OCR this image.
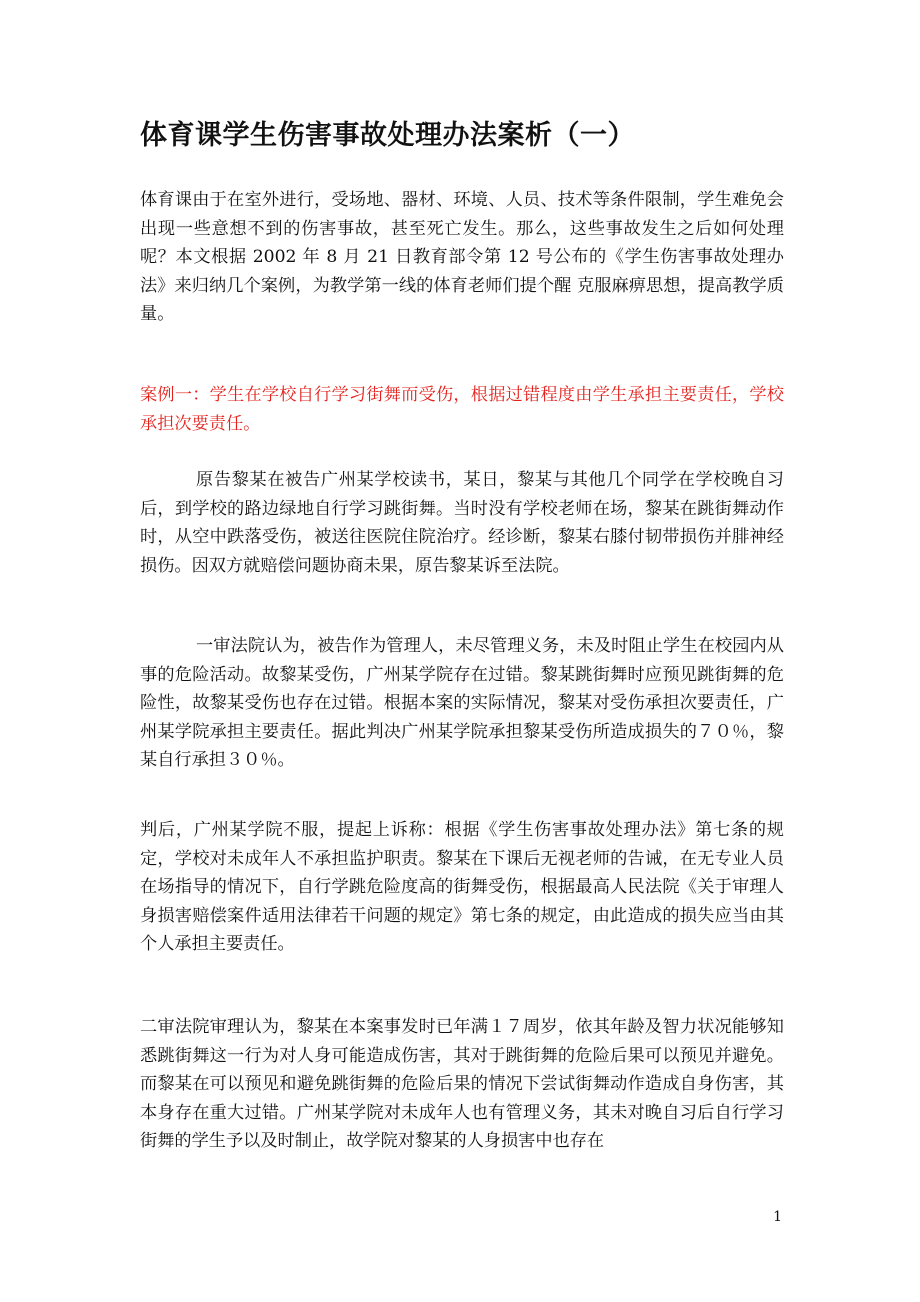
体育课学生伤害事故处理办法案析（一）

体育课由于在室外进行，受场地、器材、环境、人员、技术等条件限制，学生难免会出现一些意想不到的伤害事故，甚至死亡发生。那么，这些事故发生之后如何处理呢？本文根据 2002 年 8 月 21 日教育部令第 12 号公布的《学生伤害事故处理办法》来归纳几个案例，为教学第一线的体育老师们提个醒 克服麻痹思想，提高教学质量。

案例一：学生在学校自行学习街舞而受伤，根据过错程度由学生承担主要责任，学校承担次要责任。

原告黎某在被告广州某学校读书，某日，黎某与其他几个同学在学校晚自习后，到学校的路边绿地自行学习跳街舞。当时没有学校老师在场，黎某在跳街舞动作时，从空中跌落受伤，被送往医院住院治疗。经诊断，黎某右膝付韧带损伤并腓神经损伤。因双方就赔偿问题协商未果，原告黎某诉至法院。

一审法院认为，被告作为管理人，未尽管理义务，未及时阻止学生在校园内从事的危险活动。故黎某受伤，广州某学院存在过错。黎某跳街舞时应预见跳街舞的危险性，故黎某受伤也存在过错。根据本案的实际情况，黎某对受伤承担次要责任，广州某学院承担主要责任。据此判决广州某学院承担黎某受伤所造成损失的７０％，黎某自行承担３０％。

判后，广州某学院不服，提起上诉称：根据《学生伤害事故处理办法》第七条的规定，学校对未成年人不承担监护职责。黎某在下课后无视老师的告诫，在无专业人员在场指导的情况下，自行学跳危险度高的街舞受伤，根据最高人民法院《关于审理人身损害赔偿案件适用法律若干问题的规定》第七条的规定，由此造成的损失应当由其个人承担主要责任。

二审法院审理认为，黎某在本案事发时已年满１７周岁，依其年龄及智力状况能够知悉跳街舞这一行为对人身可能造成伤害，其对于跳街舞的危险后果可以预见并避免。而黎某在可以预见和避免跳街舞的危险后果的情况下尝试街舞动作造成自身伤害，其本身存在重大过错。广州某学院对未成年人也有管理义务，其未对晚自习后自行学习街舞的学生予以及时制止，故学院对黎某的人身损害中也存在

1
